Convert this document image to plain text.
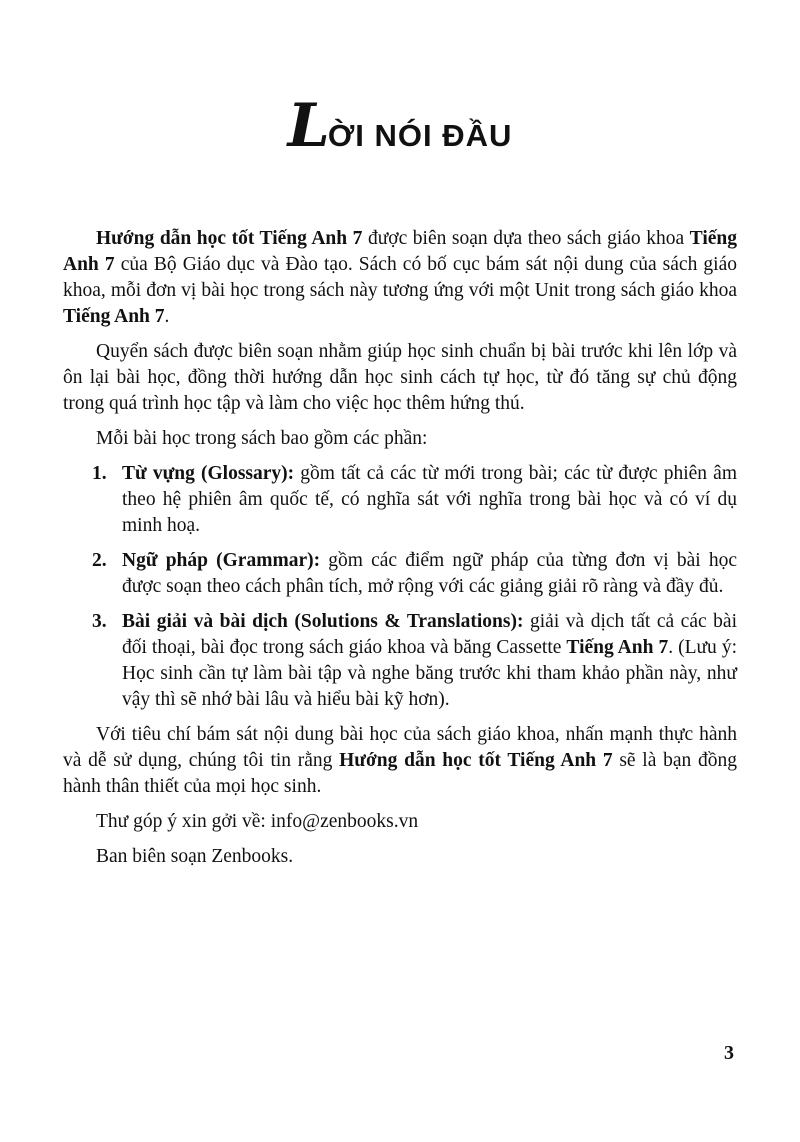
LỜI NÓI ĐẦU

Hướng dẫn học tốt Tiếng Anh 7 được biên soạn dựa theo sách giáo khoa Tiếng Anh 7 của Bộ Giáo dục và Đào tạo. Sách có bố cục bám sát nội dung của sách giáo khoa, mỗi đơn vị bài học trong sách này tương ứng với một Unit trong sách giáo khoa Tiếng Anh 7.

Quyển sách được biên soạn nhằm giúp học sinh chuẩn bị bài trước khi lên lớp và ôn lại bài học, đồng thời hướng dẫn học sinh cách tự học, từ đó tăng sự chủ động trong quá trình học tập và làm cho việc học thêm hứng thú.

Mỗi bài học trong sách bao gồm các phần:

1. Từ vựng (Glossary): gồm tất cả các từ mới trong bài; các từ được phiên âm theo hệ phiên âm quốc tế, có nghĩa sát với nghĩa trong bài học và có ví dụ minh hoạ.
2. Ngữ pháp (Grammar): gồm các điểm ngữ pháp của từng đơn vị bài học được soạn theo cách phân tích, mở rộng với các giảng giải rõ ràng và đầy đủ.
3. Bài giải và bài dịch (Solutions & Translations): giải và dịch tất cả các bài đối thoại, bài đọc trong sách giáo khoa và băng Cassette Tiếng Anh 7. (Lưu ý: Học sinh cần tự làm bài tập và nghe băng trước khi tham khảo phần này, như vậy thì sẽ nhớ bài lâu và hiểu bài kỹ hơn).

Với tiêu chí bám sát nội dung bài học của sách giáo khoa, nhấn mạnh thực hành và dễ sử dụng, chúng tôi tin rằng Hướng dẫn học tốt Tiếng Anh 7 sẽ là bạn đồng hành thân thiết của mọi học sinh.

Thư góp ý xin gởi về: info@zenbooks.vn

Ban biên soạn Zenbooks.

3
